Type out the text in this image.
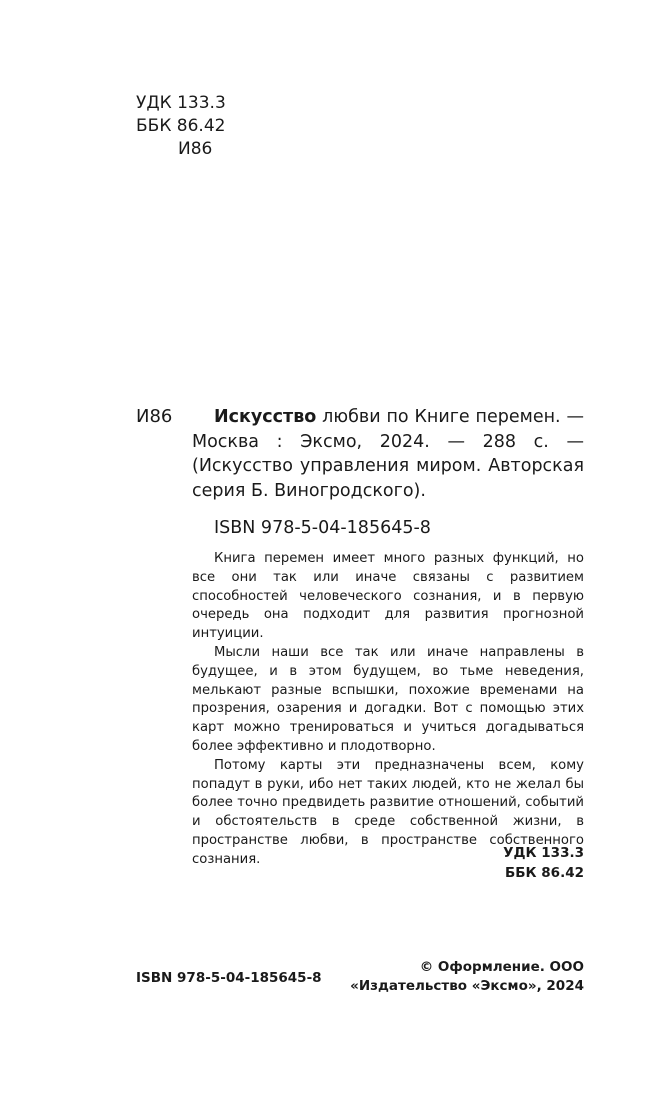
УДК 133.3
ББК 86.42
И86
И86	Искусство любви по Книге перемен. — Москва : Эксмо, 2024. — 288 с. — (Искусство управления миром. Авторская серия Б. Виногродского).

ISBN 978-5-04-185645-8

Книга перемен имеет много разных функций, но все они так или иначе связаны с развитием способностей человеческого сознания, и в первую очередь она подходит для развития прогнозной интуиции.

Мысли наши все так или иначе направлены в будущее, и в этом будущем, во тьме неведения, мелькают разные вспышки, похожие временами на прозрения, озарения и догадки. Вот с помощью этих карт можно тренироваться и учиться догадываться более эффективно и плодотворно.

Потому карты эти предназначены всем, кому попадут в руки, ибо нет таких людей, кто не желал бы более точно предвидеть развитие отношений, событий и обстоятельств в среде собственной жизни, в пространстве любви, в пространстве собственного сознания.	УДК 133.3
ББК 86.42
ISBN 978-5-04-185645-8
© Оформление. ООО
«Издательство «Эксмо», 2024
